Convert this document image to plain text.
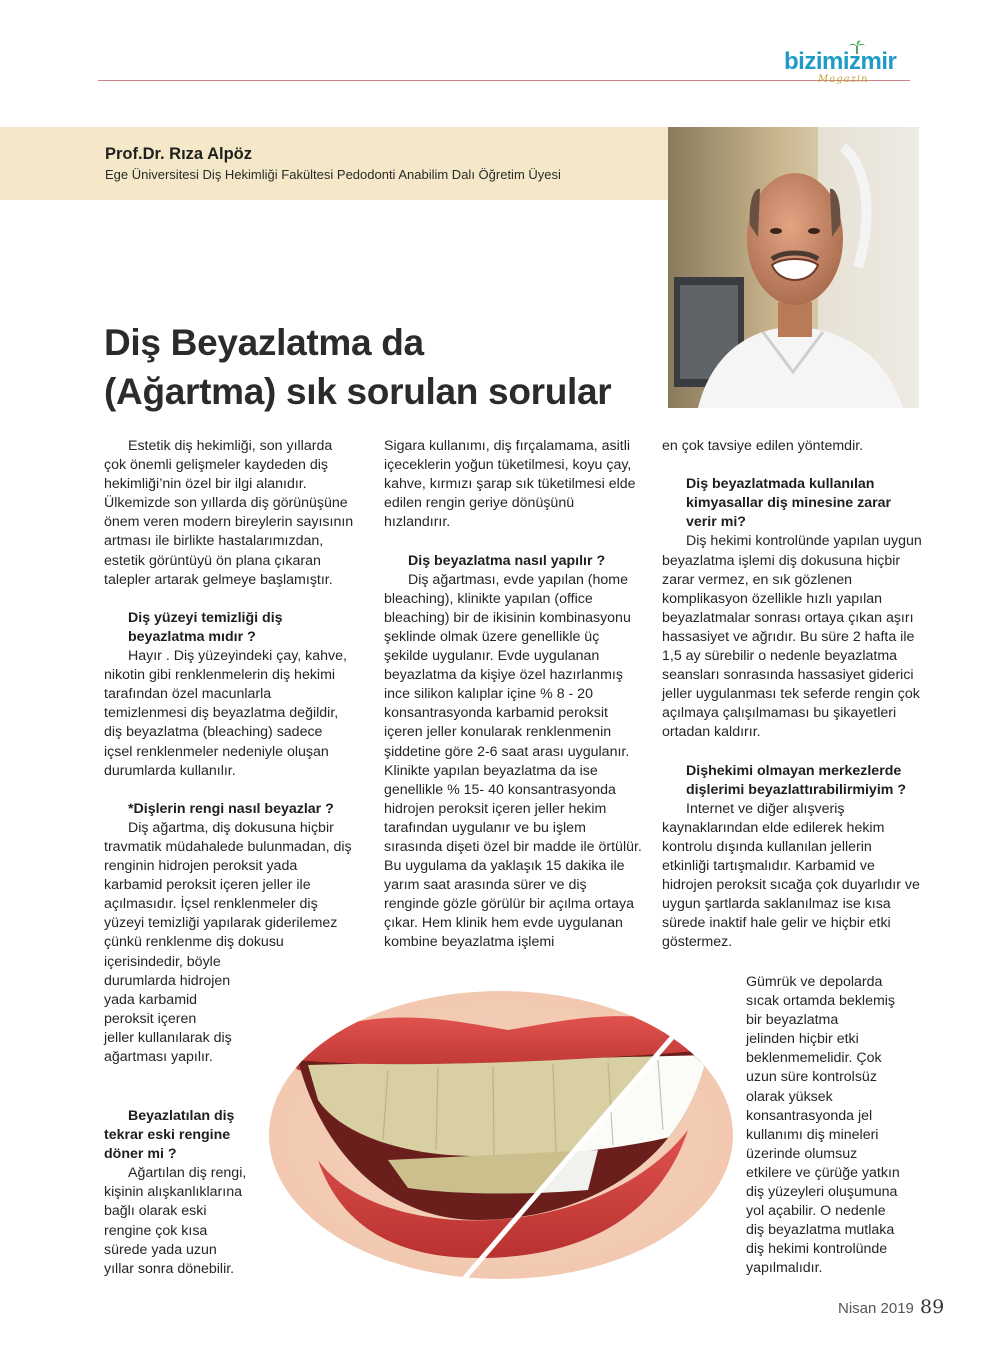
bizimizmir
Magazin
Prof.Dr. Rıza Alpöz
Ege Üniversitesi Diş Hekimliği Fakültesi Pedodonti Anabilim Dalı Öğretim Üyesi
Diş Beyazlatma da
(Ağartma) sık sorulan sorular

Estetik diş hekimliği, son yıllarda çok önemli gelişmeler kaydeden diş hekimliği’nin özel bir ilgi alanıdır. Ülkemizde son yıllarda diş görünüşüne önem veren modern bireylerin sayısının artması ile birlikte hastalarımızdan, estetik görüntüyü ön plana çıkaran talepler artarak gelmeye başlamıştır.

Diş yüzeyi temizliği diş beyazlatma mıdır ?

Hayır . Diş yüzeyindeki çay, kahve, nikotin gibi renklenmelerin diş hekimi tarafından özel macunlarla temizlenmesi diş beyazlatma değildir, diş beyazlatma (bleaching) sadece içsel renklenmeler nedeniyle oluşan durumlarda kullanılır.

*Dişlerin rengi nasıl beyazlar ?

Diş ağartma, diş dokusuna hiçbir travmatik müdahalede bulunmadan, diş renginin hidrojen peroksit yada karbamid peroksit içeren jeller ile açılmasıdır. İçsel renklenmeler diş yüzeyi temizliği yapılarak giderilemez çünkü renklenme diş dokusu içerisindedir, böyle

durumlarda hidrojen

yada karbamid

peroksit içeren

jeller kullanılarak diş

ağartması yapılır.

Beyazlatılan diş

tekrar eski rengine

döner mi ?

Ağartılan diş rengi,

kişinin alışkanlıklarına

bağlı olarak eski

rengine çok kısa

sürede yada uzun

yıllar sonra dönebilir.

Sigara kullanımı, diş fırçalamama, asitli içeceklerin yoğun tüketilmesi, koyu çay, kahve, kırmızı şarap sık tüketilmesi elde edilen rengin geriye dönüşünü hızlandırır.

Diş beyazlatma nasıl yapılır ?

Diş ağartması, evde yapılan (home bleaching), klinikte yapılan (office bleaching) bir de ikisinin kombinasyonu şeklinde olmak üzere genellikle üç şekilde uygulanır. Evde uygulanan beyazlatma da kişiye özel hazırlanmış ince silikon kalıplar içine % 8 - 20 konsantrasyonda karbamid peroksit içeren jeller konularak renklenmenin şiddetine göre 2-6 saat arası uygulanır. Klinikte yapılan beyazlatma da ise genellikle % 15- 40 konsantrasyonda hidrojen peroksit içeren jeller hekim tarafından uygulanır ve bu işlem sırasında dişeti özel bir madde ile örtülür. Bu uygulama da yaklaşık 15 dakika ile yarım saat arasında sürer ve diş renginde gözle görülür bir açılma ortaya çıkar. Hem klinik hem evde uygulanan kombine beyazlatma işlemi

en çok tavsiye edilen yöntemdir.

Diş beyazlatmada kullanılan kimyasallar diş minesine zarar verir mi?

Diş hekimi kontrolünde yapılan uygun beyazlatma işlemi diş dokusuna hiçbir zarar vermez, en sık gözlenen komplikasyon özellikle hızlı yapılan beyazlatmalar sonrası ortaya çıkan aşırı hassasiyet ve ağrıdır. Bu süre 2 hafta ile 1,5 ay sürebilir o nedenle beyazlatma seansları sonrasında hassasiyet giderici jeller uygulanması tek seferde rengin çok açılmaya çalışılmaması bu şikayetleri ortadan kaldırır.

Dişhekimi olmayan merkezlerde dişlerimi beyazlattırabilirmiyim ?

Internet ve diğer alışveriş kaynaklarından elde edilerek hekim kontrolu dışında kullanılan jellerin etkinliği tartışmalıdır. Karbamid ve hidrojen peroksit sıcağa çok duyarlıdır ve uygun şartlarda saklanılmaz ise kısa sürede inaktif hale gelir ve hiçbir etki göstermez.

Gümrük ve depolarda

sıcak ortamda beklemiş

bir beyazlatma

jelinden hiçbir etki

beklenmemelidir. Çok

uzun süre kontrolsüz

olarak yüksek

konsantrasyonda jel

kullanımı diş mineleri

üzerinde olumsuz

etkilere ve çürüğe yatkın

diş yüzeyleri oluşumuna

yol açabilir. O nedenle

diş beyazlatma mutlaka

diş hekimi kontrolünde

yapılmalıdır.

Nisan 2019 89
